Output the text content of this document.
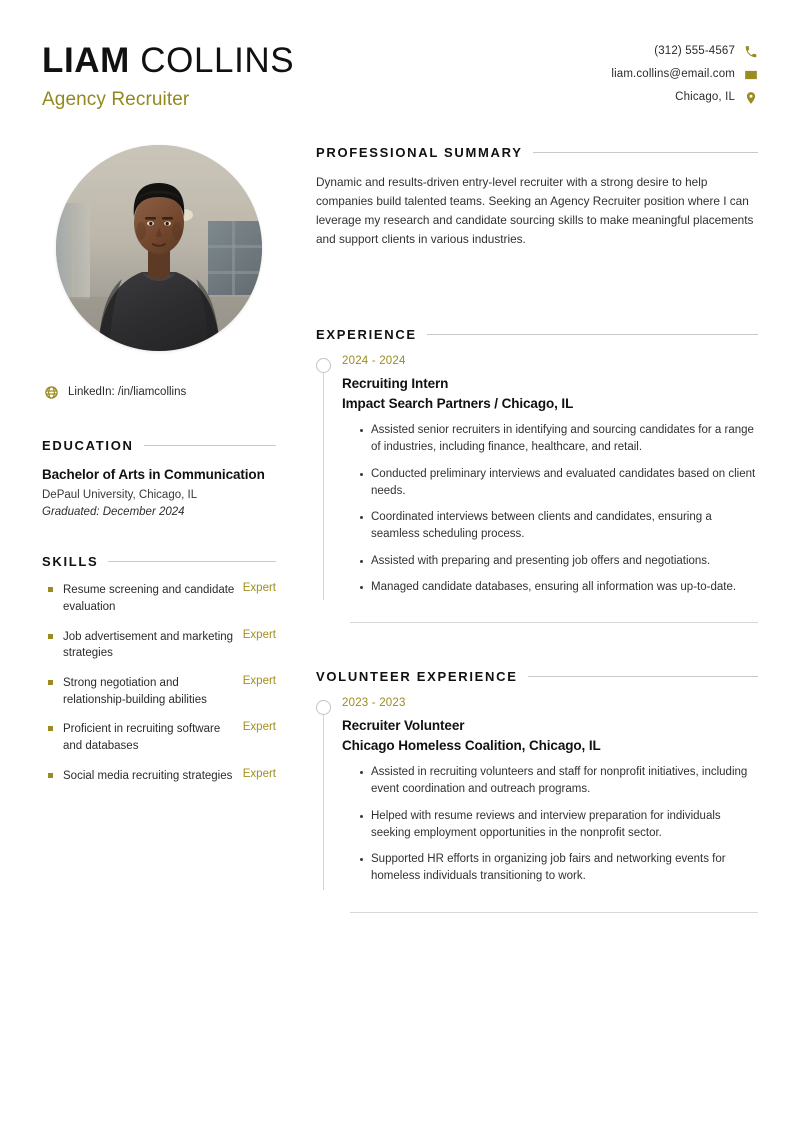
LIAM COLLINS
Agency Recruiter
(312) 555-4567
liam.collins@email.com
Chicago, IL
LinkedIn: /in/liamcollins
EDUCATION
Bachelor of Arts in Communication
DePaul University, Chicago, IL
Graduated: December 2024
SKILLS
Resume screening and candidate evaluation
Expert
Job advertisement and marketing strategies
Expert
Strong negotiation and relationship-building abilities
Expert
Proficient in recruiting software and databases
Expert
Social media recruiting strategies Expert
PROFESSIONAL SUMMARY

Dynamic and results-driven entry-level recruiter with a strong desire to help companies build talented teams. Seeking an Agency Recruiter position where I can leverage my research and candidate sourcing skills to make meaningful placements and support clients in various industries.

EXPERIENCE
2024 - 2024
Recruiting Intern
Impact Search Partners / Chicago, IL
Assisted senior recruiters in identifying and sourcing candidates for a range of industries, including finance, healthcare, and retail.
Conducted preliminary interviews and evaluated candidates based on client needs.
Coordinated interviews between clients and candidates, ensuring a seamless scheduling process.
Assisted with preparing and presenting job offers and negotiations.
Managed candidate databases, ensuring all information was up-to-date.
VOLUNTEER EXPERIENCE
2023 - 2023
Recruiter Volunteer
Chicago Homeless Coalition, Chicago, IL
Assisted in recruiting volunteers and staff for nonprofit initiatives, including event coordination and outreach programs.
Helped with resume reviews and interview preparation for individuals seeking employment opportunities in the nonprofit sector.
Supported HR efforts in organizing job fairs and networking events for homeless individuals transitioning to work.
